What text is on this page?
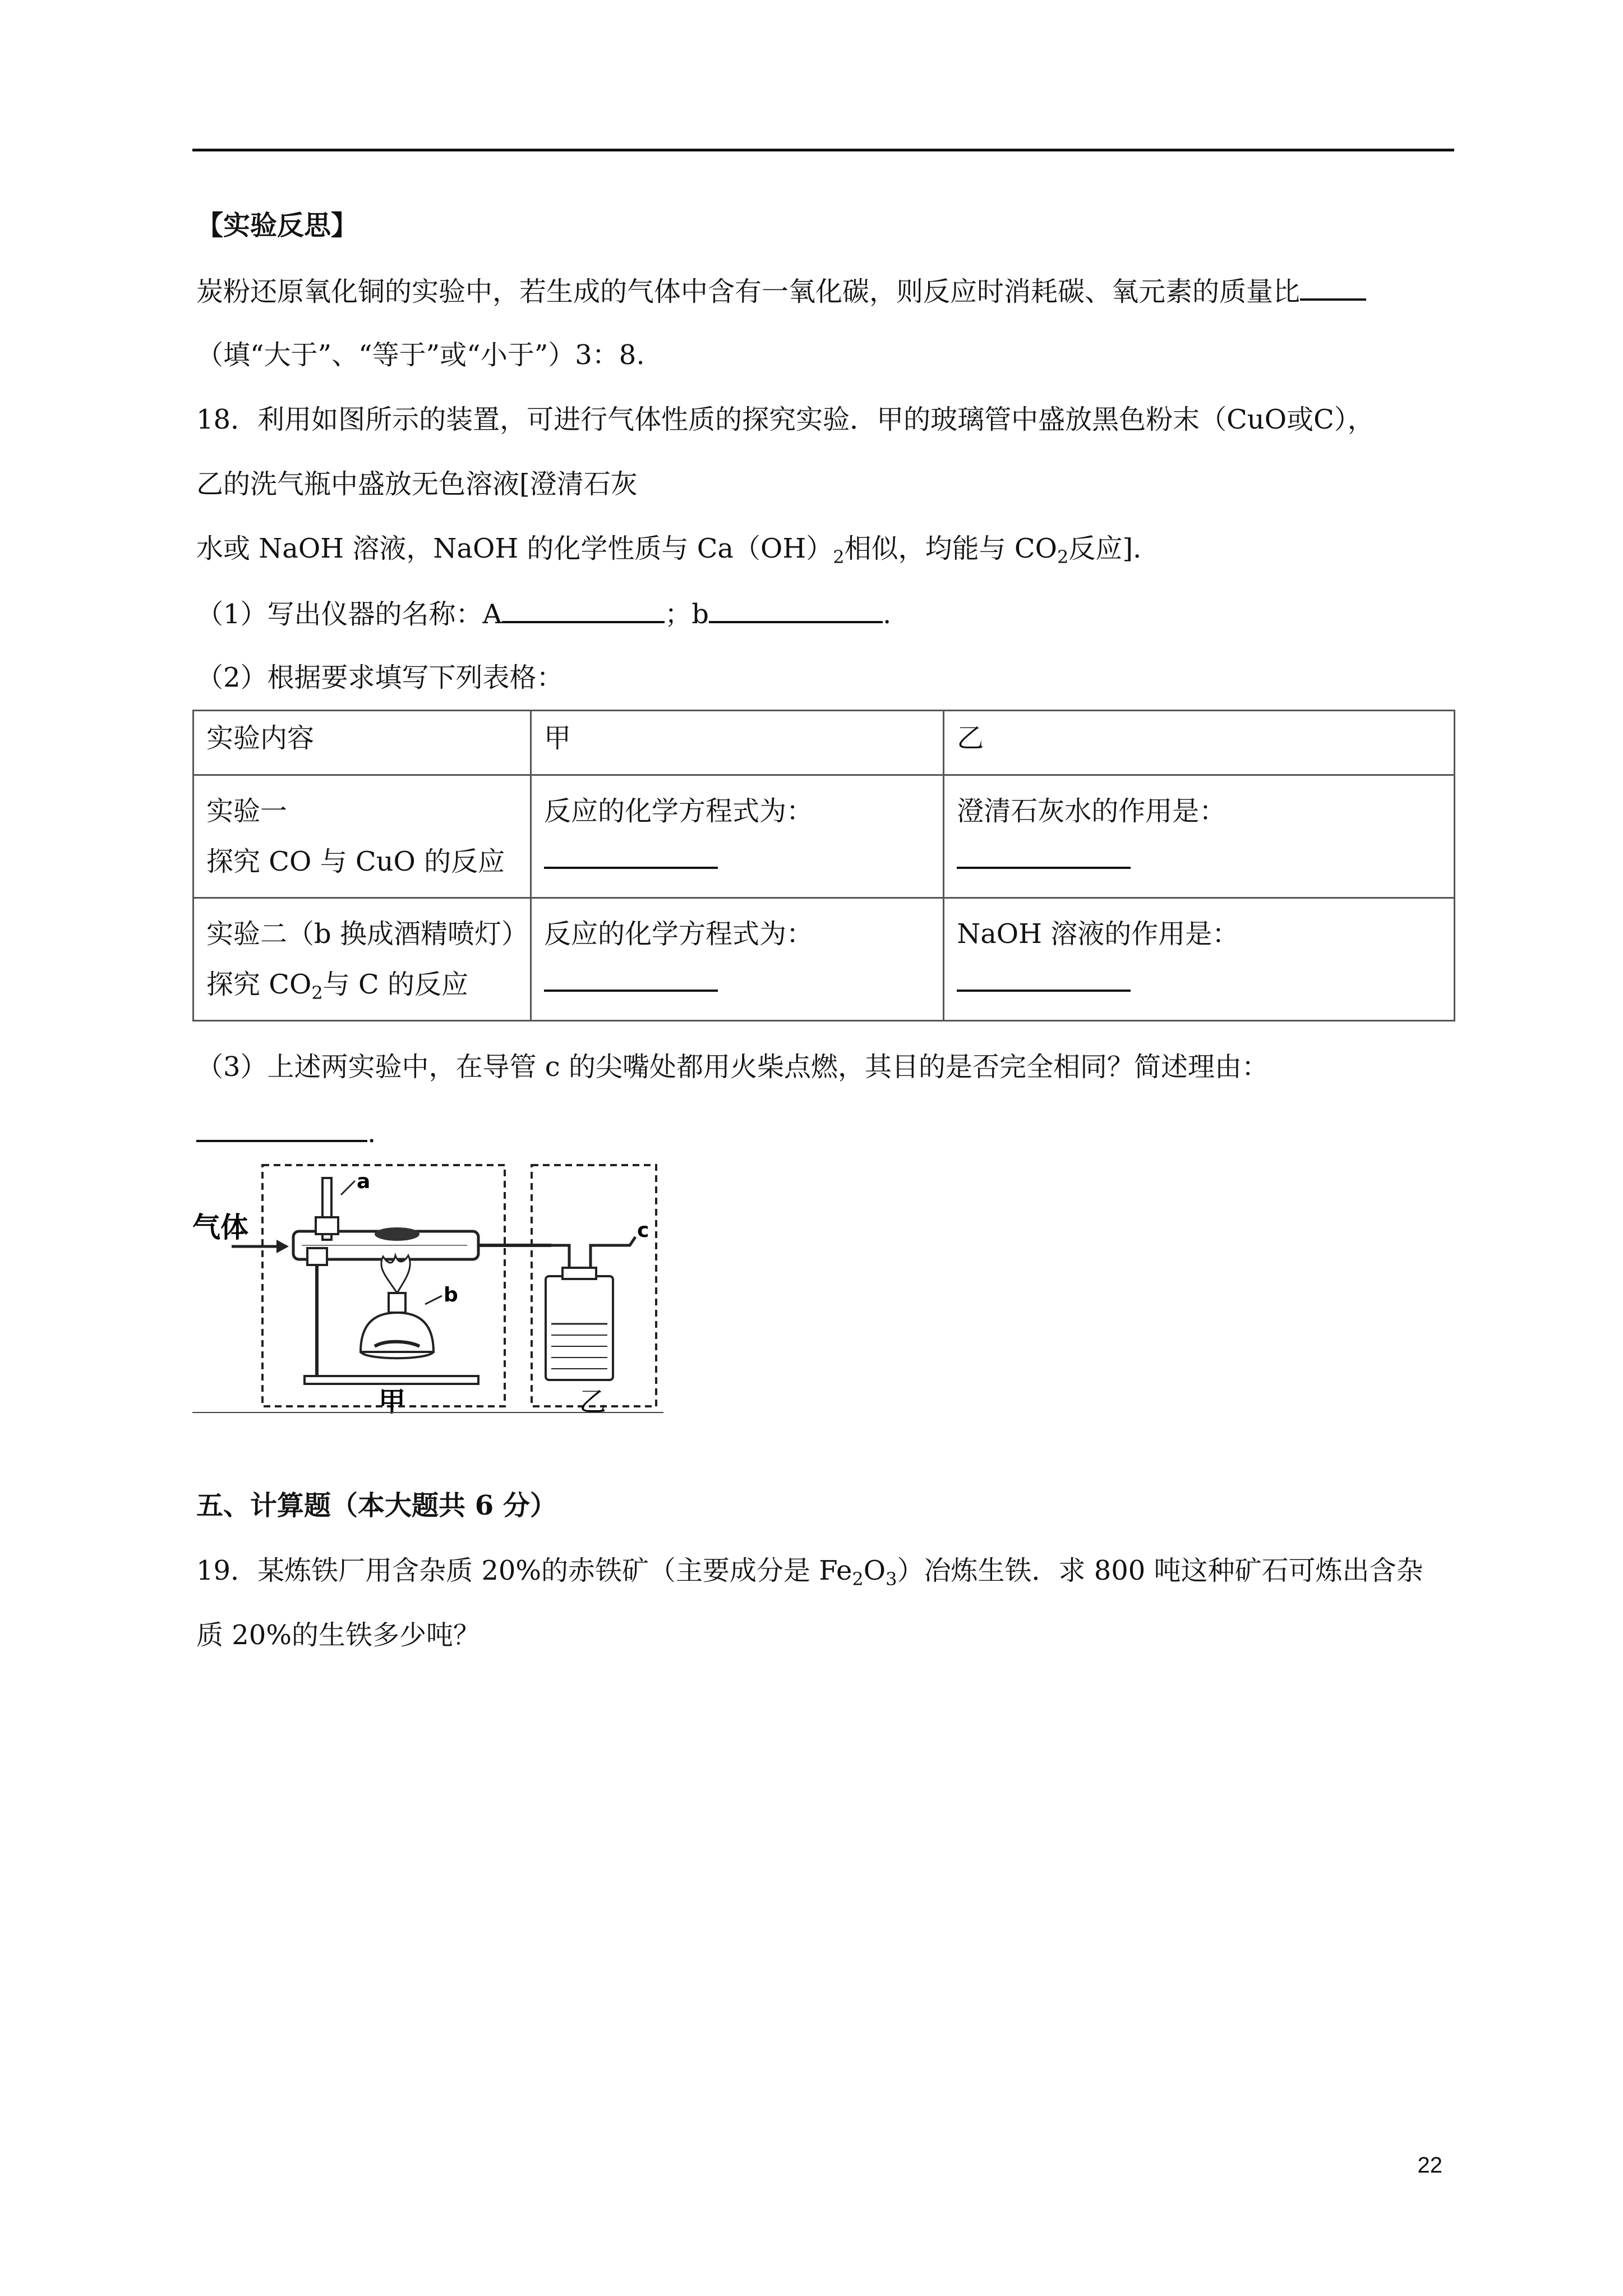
【实验反思】
炭粉还原氧化铜的实验中，若生成的气体中含有一氧化碳，则反应时消耗碳、氧元素的质量比
（填“大于”、“等于”或“小于”）3：8.
18．利用如图所示的装置，可进行气体性质的探究实验．甲的玻璃管中盛放黑色粉末（CuO或C），
乙的洗气瓶中盛放无色溶液[澄清石灰
水或 NaOH 溶液，NaOH 的化学性质与 $Ca(OH)_2$相似，均能与 $CO_2$反应].
（1）写出仪器的名称：A	；b	.
（2）根据要求填写下列表格：
实验内容	甲	乙

实验一
探究 CO 与 CuO 的反应	反应的化学方程式为：	澄清石灰水的作用是：

实验二（b 换成酒精喷灯）
探究 $CO_2$与 C 的反应	反应的化学方程式为：	NaOH 溶液的作用是：
（3）上述两实验中，在导管 c 的尖嘴处都用火柴点燃，其目的是否完全相同？简述理由：
.
气体
a
b
c
甲	乙
五、计算题（本大题共 6 分）
19．某炼铁厂用含杂质 20%的赤铁矿（主要成分是 $Fe_2O_3$）冶炼生铁．求 800 吨这种矿石可炼出含杂
质 20%的生铁多少吨？
22
